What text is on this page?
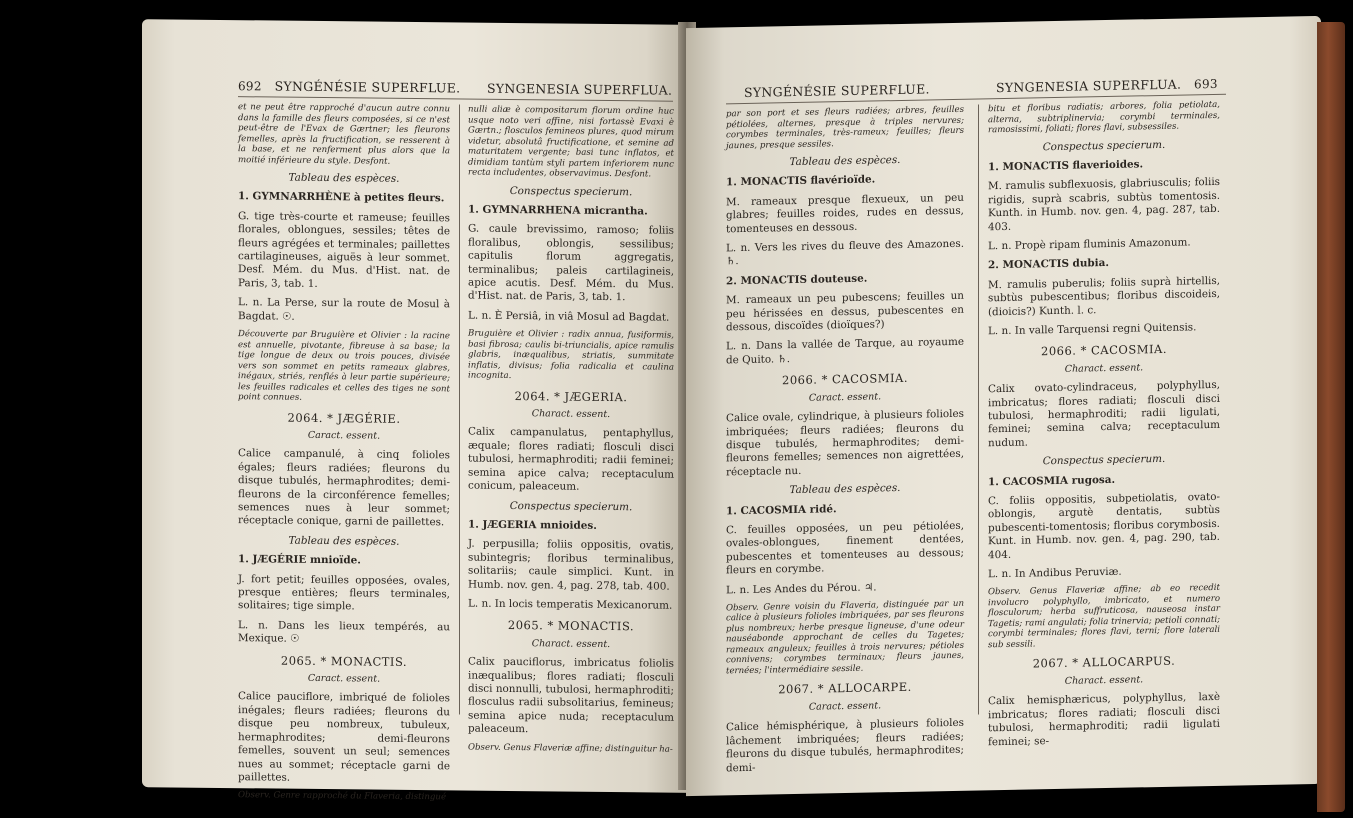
692 SYNGÉNÉSIE SUPERFLUE. SYNGENESIA SUPERFLUA.

et ne peut être rapproché d'aucun autre connu dans la famille des fleurs composées, si ce n'est peut-être de l'Evax de Gærtner; les fleurons femelles, après la fructification, se resserent à la base, et ne renferment plus alors que la moitié inférieure du style. Desfont.

Tableau des espèces.

1. GYMNARRHÈNE à petites fleurs.

G. tige très-courte et rameuse; feuilles florales, oblongues, sessiles; têtes de fleurs agrégées et terminales; paillettes cartilagineuses, aiguës à leur sommet. Desf. Mém. du Mus. d'Hist. nat. de Paris, 3, tab. 1.

L. n. La Perse, sur la route de Mosul à Bagdat. ☉.

Découverte par Bruguière et Olivier : la racine est annuelle, pivotante, fibreuse à sa base; la tige longue de deux ou trois pouces, divisée vers son sommet en petits rameaux glabres, inégaux, striés, renflés à leur partie supérieure; les feuilles radicales et celles des tiges ne sont point connues.

2064. * JÆGÉRIE.

Caract. essent.

Calice campanulé, à cinq folioles égales; fleurs radiées; fleurons du disque tubulés, hermaphrodites; demi-fleurons de la circonférence femelles; semences nues à leur sommet; réceptacle conique, garni de paillettes.

Tableau des espèces.

1. JÆGÉRIE mnioïde.

J. fort petit; feuilles opposées, ovales, presque entières; fleurs terminales, solitaires; tige simple.

L. n. Dans les lieux tempérés, au Mexique. ☉

2065. * MONACTIS.

Caract. essent.

Calice pauciflore, imbriqué de folioles inégales; fleurs radiées; fleurons du disque peu nombreux, tubuleux, hermaphrodites; demi-fleurons femelles, souvent un seul; semences nues au sommet; réceptacle garni de paillettes.

Observ. Genre rapproché du Flaveria, distingué

nulli aliæ è compositarum florum ordine huc usque noto veri affine, nisi fortassè Evaxi è Gærtn.; flosculos femineos plures, quod mirum videtur, absolutâ fructificatione, et semine ad maturitatem vergente; basi tunc inflatos, et dimidiam tantùm styli partem inferiorem nunc recta includentes, observavimus. Desfont.

Conspectus specierum.

1. GYMNARRHENA micrantha.

G. caule brevissimo, ramoso; foliis floralibus, oblongis, sessilibus; capitulis florum aggregatis, terminalibus; paleis cartilagineis, apice acutis. Desf. Mém. du Mus. d'Hist. nat. de Paris, 3, tab. 1.

L. n. È Persiâ, in viâ Mosul ad Bagdat.

Bruguière et Olivier : radix annua, fusiformis, basi fibrosa; caulis bi-triuncialis, apice ramulis glabris, inæqualibus, striatis, summitate inflatis, divisus; folia radicalia et caulina incognita.

2064. * JÆGERIA.

Charact. essent.

Calix campanulatus, pentaphyllus, æquale; flores radiati; flosculi disci tubulosi, hermaphroditi; radii feminei; semina apice calva; receptaculum conicum, paleaceum.

Conspectus specierum.

1. JÆGERIA mnioides.

J. perpusilla; foliis oppositis, ovatis, subintegris; floribus terminalibus, solitariis; caule simplici. Kunt. in Humb. nov. gen. 4, pag. 278, tab. 400.

L. n. In locis temperatis Mexicanorum.

2065. * MONACTIS.

Charact. essent.

Calix pauciflorus, imbricatus foliolis inæqualibus; flores radiati; flosculi disci nonnulli, tubulosi, hermaphroditi; flosculus radii subsolitarius, femineus; semina apice nuda; receptaculum paleaceum.

Observ. Genus Flaveriæ affine; distinguitur ha-

SYNGÉNÉSIE SUPERFLUE.	SYNGENESIA SUPERFLUA. 693

par son port et ses fleurs radiées; arbres, feuilles pétiolées, alternes, presque à triples nervures; corymbes terminales, très-rameux; feuilles; fleurs jaunes, presque sessiles.

Tableau des espèces.

1. MONACTIS flavérioïde.

M. rameaux presque flexueux, un peu glabres; feuilles roides, rudes en dessus, tomenteuses en dessous.

L. n. Vers les rives du fleuve des Amazones. ♄.

2. MONACTIS douteuse.

M. rameaux un peu pubescens; feuilles un peu hérissées en dessus, pubescentes en dessous, discoïdes (dioïques?)

L. n. Dans la vallée de Tarque, au royaume de Quito. ♄.

2066. * CACOSMIA.

Caract. essent.

Calice ovale, cylindrique, à plusieurs folioles imbriquées; fleurs radiées; fleurons du disque tubulés, hermaphrodites; demi-fleurons femelles; semences non aigrettées, réceptacle nu.

Tableau des espèces.

1. CACOSMIA ridé.

C. feuilles opposées, un peu pétiolées, ovales-oblongues, finement dentées, pubescentes et tomenteuses au dessous; fleurs en corymbe.

L. n. Les Andes du Pérou. ♃.

Observ. Genre voisin du Flaveria, distinguée par un calice à plusieurs folioles imbriquées, par ses fleurons plus nombreux; herbe presque ligneuse, d'une odeur nauséabonde approchant de celles du Tagetes; rameaux anguleux; feuilles à trois nervures; pétioles connivens; corymbes terminaux; fleurs jaunes, ternées; l'intermédiaire sessile.

2067. * ALLOCARPE.

Caract. essent.

Calice hémisphérique, à plusieurs folioles lâchement imbriquées; fleurs radiées; fleurons du disque tubulés, hermaphrodites; demi-

bitu et floribus radiatis; arbores, folia petiolata, alterna, subtriplinervia; corymbi terminales, ramosissimi, foliati; flores flavi, subsessiles.

Conspectus specierum.

1. MONACTIS flaverioides.

M. ramulis subflexuosis, glabriusculis; foliis rigidis, suprà scabris, subtùs tomentosis. Kunth. in Humb. nov. gen. 4, pag. 287, tab. 403.

L. n. Propè ripam fluminis Amazonum.

2. MONACTIS dubia.

M. ramulis puberulis; foliis suprà hirtellis, subtùs pubescentibus; floribus discoideis, (dioicis?) Kunth. l. c.

L. n. In valle Tarquensi regni Quitensis.

2066. * CACOSMIA.

Charact. essent.

Calix ovato-cylindraceus, polyphyllus, imbricatus; flores radiati; flosculi disci tubulosi, hermaphroditi; radii ligulati, feminei; semina calva; receptaculum nudum.

Conspectus specierum.

1. CACOSMIA rugosa.

C. foliis oppositis, subpetiolatis, ovato-oblongis, argutè dentatis, subtùs pubescenti-tomentosis; floribus corymbosis. Kunt. in Humb. nov. gen. 4, pag. 290, tab. 404.

L. n. In Andibus Peruviæ.

Observ. Genus Flaveriæ affine; ab eo recedit involucro polyphyllo, imbricato, et numero flosculorum; herba suffruticosa, nauseosa instar Tagetis; rami angulati; folia trinervia; petioli connati; corymbi terminales; flores flavi, terni; flore laterali sub sessili.

2067. * ALLOCARPUS.

Charact. essent.

Calix hemisphæricus, polyphyllus, laxè imbricatus; flores radiati; flosculi disci tubulosi, hermaphroditi; radii ligulati feminei; se-
